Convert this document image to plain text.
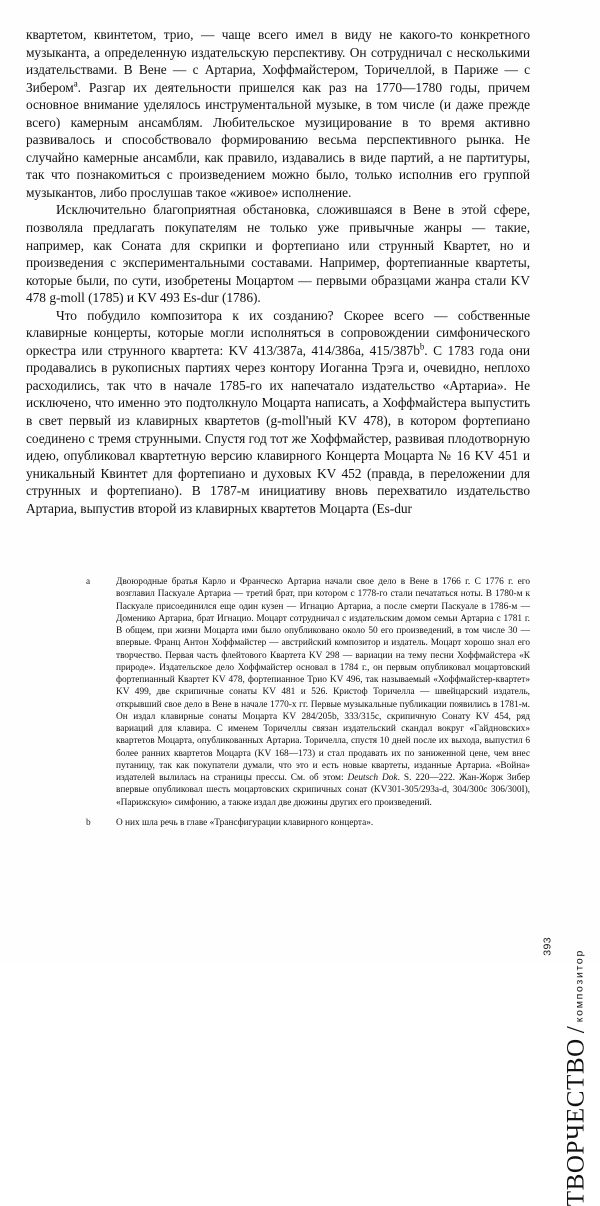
квартетом, квинтетом, трио, — чаще всего имел в виду не какого-то конкретного музыканта, а определенную издательскую перспективу. Он сотрудничал с несколькими издательствами. В Вене — с Артариа, Хоффмайстером, Торичеллой, в Париже — с Зибером$^a$. Разгар их деятельности пришелся как раз на 1770—1780 годы, причем основное внимание уделялось инструментальной музыке, в том числе (и даже прежде всего) камерным ансамблям. Любительское музицирование в то время активно развивалось и способствовало формированию весьма перспективного рынка. Не случайно камерные ансамбли, как правило, издавались в виде партий, а не партитуры, так что познакомиться с произведением можно было, только исполнив его группой музыкантов, либо прослушав такое «живое» исполнение.

Исключительно благоприятная обстановка, сложившаяся в Вене в этой сфере, позволяла предлагать покупателям не только уже привычные жанры — такие, например, как Соната для скрипки и фортепиано или струнный Квартет, но и произведения с экспериментальными составами. Например, фортепианные квартеты, которые были, по сути, изобретены Моцартом — первыми образцами жанра стали KV 478 g-moll (1785) и KV 493 Es-dur (1786).

Что побудило композитора к их созданию? Скорее всего — собственные клавирные концерты, которые могли исполняться в сопровождении симфонического оркестра или струнного квартета: KV 413/387a, 414/386a, 415/387b$^b$. С 1783 года они продавались в рукописных партиях через контору Иоганна Трэга и, очевидно, неплохо расходились, так что в начале 1785-го их напечатало издательство «Артариа». Не исключено, что именно это подтолкнуло Моцарта написать, а Хоффмайстера выпустить в свет первый из клавирных квартетов (g-moll'ный KV 478), в котором фортепиано соединено с тремя струнными. Спустя год тот же Хоффмайстер, развивая плодотворную идею, опубликовал квартетную версию клавирного Концерта Моцарта № 16 KV 451 и уникальный Квинтет для фортепиано и духовых KV 452 (правда, в переложении для струнных и фортепиано). В 1787-м инициативу вновь перехватило издательство Артариа, выпустив второй из клавирных квартетов Моцарта (Es-dur

a	Двоюродные братья Карло и Франческо Артариа начали свое дело в Вене в 1766 г. С 1776 г. его возглавил Паскуале Артариа — третий брат, при котором с 1778-го стали печататься ноты. В 1780-м к Паскуале присоединился еще один кузен — Игнацио Артариа, а после смерти Паскуале в 1786-м — Доменико Артариа, брат Игнацио. Моцарт сотрудничал с издательским домом семьи Артариа с 1781 г. В общем, при жизни Моцарта ими было опубликовано около 50 его произведений, в том числе 30 — впервые. Франц Антон Хоффмайстер — австрийский композитор и издатель. Моцарт хорошо знал его творчество. Первая часть флейтового Квартета KV 298 — вариации на тему песни Хоффмайстера «К природе». Издательское дело Хоффмайстер основал в 1784 г., он первым опубликовал моцартовский фортепианный Квартет KV 478, фортепианное Трио KV 496, так называемый «Хоффмайстер-квартет» KV 499, две скрипичные сонаты KV 481 и 526. Кристоф Торичелла — швейцарский издатель, открывший свое дело в Вене в начале 1770-х гг. Первые музыкальные публикации появились в 1781-м. Он издал клавирные сонаты Моцарта KV 284/205b, 333/315c, скрипичную Сонату KV 454, ряд вариаций для клавира. С именем Торичеллы связан издательский скандал вокруг «Гайдновских» квартетов Моцарта, опубликованных Артариа. Торичелла, спустя 10 дней после их выхода, выпустил 6 более ранних квартетов Моцарта (KV 168—173) и стал продавать их по заниженной цене, чем внес путаницу, так как покупатели думали, что это и есть новые квартеты, изданные Артариа. «Война» издателей вылилась на страницы прессы. См. об этом: Deutsch Dok. S. 220—222. Жан-Жорж Зибер впервые опубликовал шесть моцартовских скрипичных сонат (KV301-305/293a-d, 304/300c 306/300I), «Парижскую» симфонию, а также издал две дюжины других его произведений.
b	О них шла речь в главе «Трансфигурации клавирного концерта».
ТВОРЧЕСТВО
/
композитор
393
